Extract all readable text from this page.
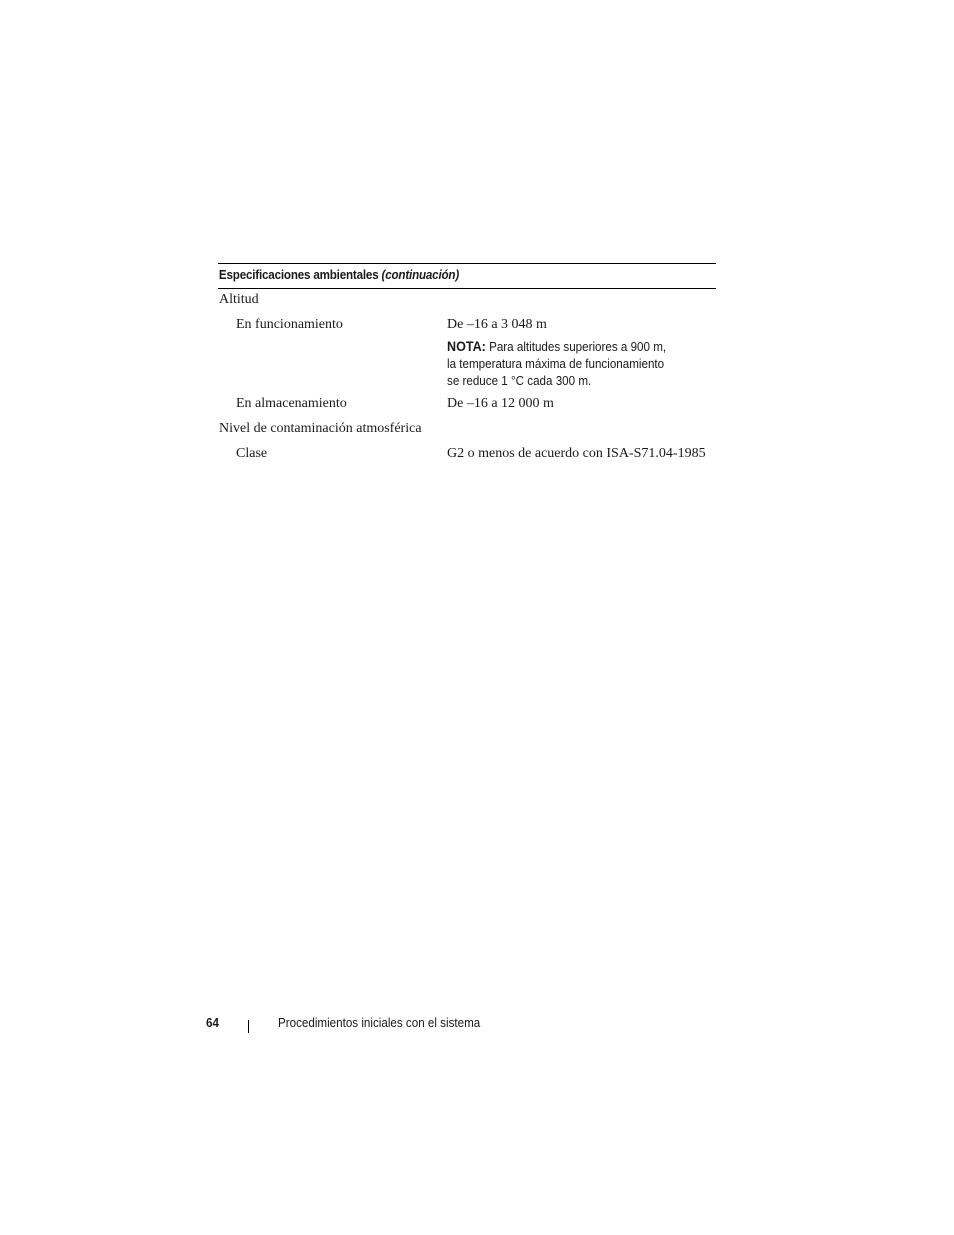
Especificaciones ambientales (continuación)
Altitud
En funcionamiento	De –16 a 3 048 m
NOTA: Para altitudes superiores a 900 m,
la temperatura máxima de funcionamiento
se reduce 1 °C cada 300 m.
En almacenamiento	De –16 a 12 000 m
Nivel de contaminación atmosférica
Clase	G2 o menos de acuerdo con ISA-S71.04-1985
64	Procedimientos iniciales con el sistema
